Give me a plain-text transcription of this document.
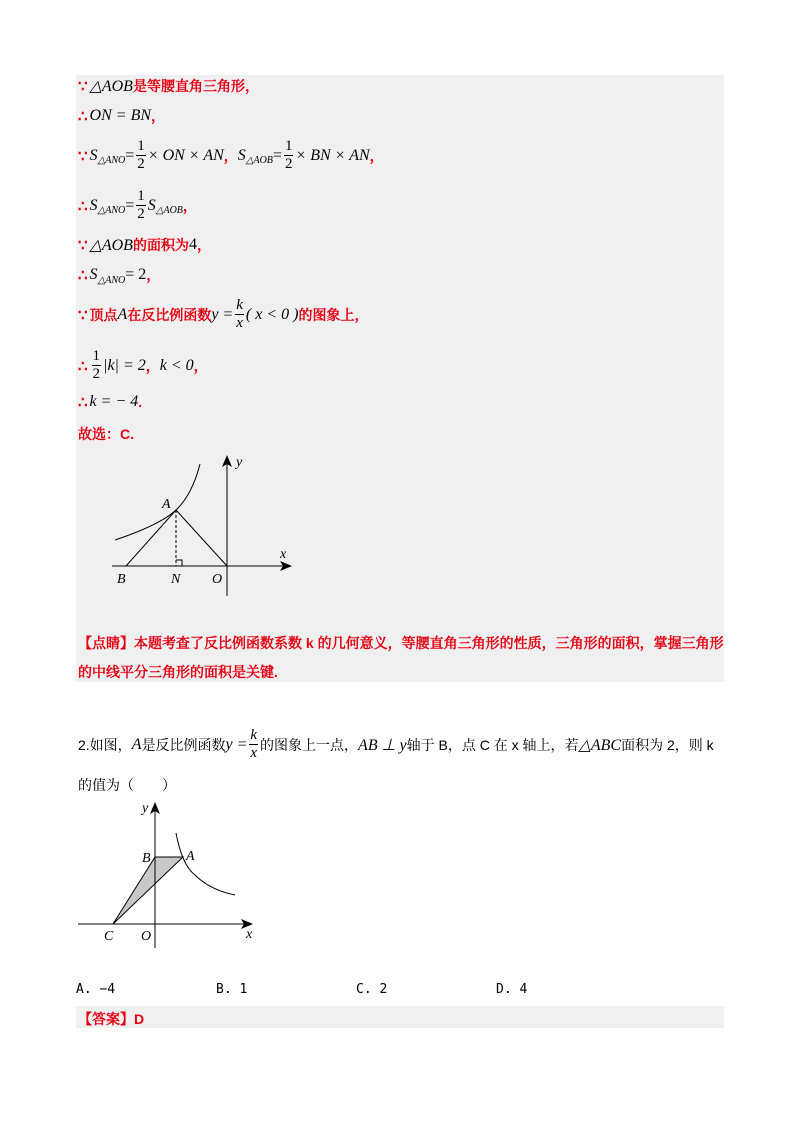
∵ △AOB 是等腰直角三角形，
∴ ON = BN ，
∵ S △ANO = $\frac{1}{2}$ × ON × AN ， S △AOB = $\frac{1}{2}$ × BN × AN ，
∴ S △ANO = $\frac{1}{2}$ S △AOB ，
∵ △AOB 的面积为 4 ，
∴ S △ANO = 2 ，
∵ 顶点 A 在反比例函数 $y = \frac{k}{x}$ ( x < 0 ) 的图象上，
∴ $\frac{1}{2} |k| = 2$ ， k < 0 ，
∴ k = − 4 .
故选：C.
A
B	N O
x
y
【点睛】本题考查了反比例函数系数 k 的几何意义，等腰直角三角形的性质，三角形的面积，掌握三角形
的中线平分三角形的面积是关键.
2.如图， A 是反比例函数 $y = \frac{k}{x}$ 的图象上一点， AB ⊥ y 轴于 B，点 C 在 x 轴上，若 △ABC 面积为 2，则 k
的值为（　　）
A
B
C O	x
y
A. −4	B. 1	C. 2	D. 4
【答案】D
